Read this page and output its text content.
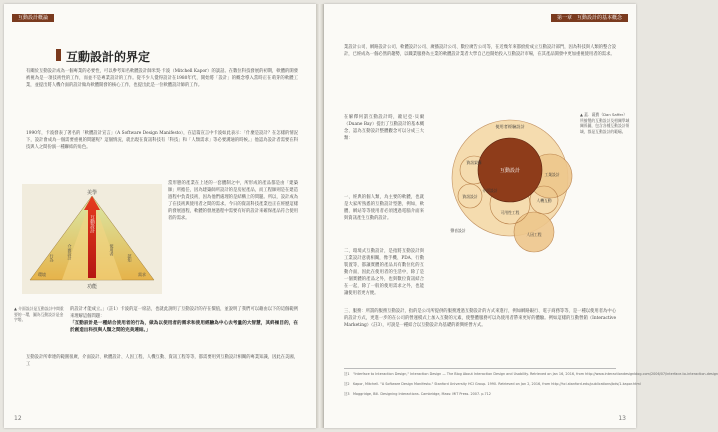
互動設計概論
互動設計的界定

有關於互動設計成為一個專業的必要性，可以參考知名軟體設計師米契·卡波（Mitchell Kapor）的談話。在數位科技發展的初期，軟體的開發被視為是一項技術性的工作，而並不是專業設計的工作。從不少人覺得設計在1980年代，開始將「設計」的概念導入當時正在萌芽的軟體工業，並提出將人機介面的設計做為軟體開發的核心工作，也提出此是一位軟體設計師的工作。

1990年，卡波發表了著名的「軟體設計宣言」（A Software Design Manifesto），在這篇宣言中卡波如此表示：「什麼是設計？在怎樣的情況下，設計會成為一個需要重視的問題呢？這個情況，就出現在資訊科技有「科技」和「人類需求」等必要溝通的時候。」他認為設計者需要在科技與人之間扮演一種聯結的角色。

當形態的產業在上述的一套體制之中，所形成的產品都是由「建築師」所擔任，因為建築師所設計的是房屋產品，而工程師則是在建造過程中負責技術，因為他們處理的是結構上的問題。所以，設計成為了在技術與使用者之間的需求。今日的資訊科技產業也正在經歷這樣的發展過程，軟體的發展過程中需要有好的設計來確保產品符合使用者的需求。

的設計才能成立。」（註1）卡波的這一席話，也就此說明了互動設計的存在價值，並說明了我們可以藉由以下的這個範例來理解這個問題：

「互動設計是一種結合使用者的行為，做為以使用者的需求和使用經驗為中心去考量的大智慧，其終極目的，在於創造出科技與人類之間的完美連結。」

互動設計所牽連的範圍很廣，介面設計、軟體設計、人因工程、人機互動、資訊工程等等，都需要用到互動設計相關的專業知識，因此在美國，工

美學
功能
互動設計
行為	介面設計	使用者
認知
環境	需求
▲ 介面設計是互動設計中間重要的一環，圖為互動設計是金字塔。
12
第一章　互動設計的基本概念

業設計公司、網路設計公司、軟體設計公司、廣播設計公司、數位廣告公司等，在近幾年來都紛紛成立互動設計部門，因為科技與人類的整合設計，已經成為一個必然的趨勢，以職業服務為主業的軟體設計業者大學自己也開始投入互動設計市場，在其產品開發中更加重視使用者的需求。

在解釋何謂互動設計時，歐尼亞·貝爾（Duane Bay）提出了互動設計的基本概念，認為互動設計整體觀念可以分成三大類：

一、經典的個人類，為主要的軟體，也就是大家所熟悉的互動設計型態，例如，軟體、網站等等使用者必須透過電腦介面來與資訊產生互動的設計。

二、環境式互動設計，是指將互動設計與工業設計意義相關，像手機、PDA、行動裝置等，都讓實體的產品具有數位化的互動介面，因此在使用者的生活中，除了是一個實體的產品之外，也與數位資訊結合在一起，除了一般的使用需求之外，也能讓使用者更方便。

三、服務：所謂的服務互動設計，指的是公司所提供的服務透過互動設計的方式來進行，例如網路銀行、電子商務等等，是一種以使用者為中心的設計方式，更進一步的在公司的營運模式上加入互動的元素，使整體服務可以為使用者帶來更好的體驗。例如這樣的互動營銷（Interactive Marketing）（註3），可說是一種結合以互動設計為基礎的新興經營方式。

使用者經驗設計
資訊架構
資訊設計
互動設計
介面設計
人機互動
工業設計
可用性工程
人因工程
聲音設計
▲ 蓋．薩費（Dan Saffer）所繪製的互動設計及相關學域關係圖，包含各種互動設計領域，都是互動設計的範疇。
註1　"Interface to Interaction Design," Interaction Design — The Blog About Interaction Design and Usability. Retrieved on Jan 16, 2016, from http://www.interactiondesignblog.com/2006/07/interface-to-interaction-design
註2　Kapor, Mitchell. "A Software Design Manifesto." Stanford University HCI Group. 1990. Retrieved on Jan 2, 2016, from http://hci.stanford.edu/publications/bds/1-kapor.html
註3　Moggridge, Bill. Designing Interactions. Cambridge, Mass: MIT Press. 2007. p.712
13
